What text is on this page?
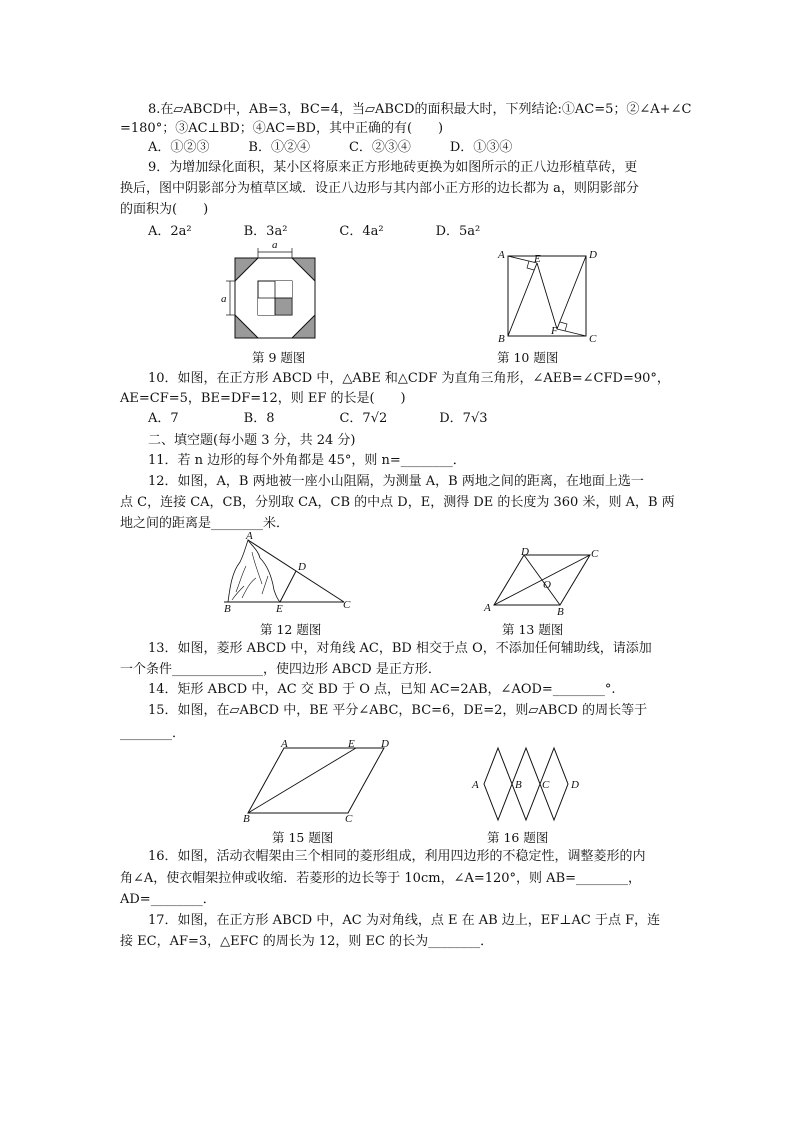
8.在▱ABCD中，AB=3，BC=4，当▱ABCD的面积最大时，下列结论:①AC=5；②∠A+∠C
=180°；③AC⊥BD；④AC=BD，其中正确的有(　　)
A．①②③　　　B．①②④　　　C．②③④　　　D．①③④
9．为增加绿化面积，某小区将原来正方形地砖更换为如图所示的正八边形植草砖，更
换后，图中阴影部分为植草区域．设正八边形与其内部小正方形的边长都为 a，则阴影部分
的面积为(　　)
A．2a²　　　　B．3a²　　　　C．4a²　　　　D．5a²
10．如图，在正方形 ABCD 中，△ABE 和△CDF 为直角三角形，∠AEB=∠CFD=90°，
AE=CF=5，BE=DF=12，则 EF 的长是(　　)
A．7　　　　　B．8　　　　　C．7√2　　　　D．7√3
二、填空题(每小题 3 分，共 24 分)
11．若 n 边形的每个外角都是 45°，则 n=________．
12．如图，A，B 两地被一座小山阻隔，为测量 A，B 两地之间的距离，在地面上选一
点 C，连接 CA，CB，分别取 CA，CB 的中点 D，E，测得 DE 的长度为 360 米，则 A，B 两
地之间的距离是________米．
13．如图，菱形 ABCD 中，对角线 AC，BD 相交于点 O，不添加任何辅助线，请添加
一个条件______________，使四边形 ABCD 是正方形．
14．矩形 ABCD 中，AC 交 BD 于 O 点，已知 AC=2AB，∠AOD=________°.
15．如图，在▱ABCD 中，BE 平分∠ABC，BC=6，DE=2，则▱ABCD 的周长等于
________．
16．如图，活动衣帽架由三个相同的菱形组成，利用四边形的不稳定性，调整菱形的内
角∠A，使衣帽架拉伸或收缩．若菱形的边长等于 10cm，∠A=120°，则 AB=________，
AD=________．
17．如图，在正方形 ABCD 中，AC 为对角线，点 E 在 AB 边上，EF⊥AC 于点 F，连
接 EC，AF=3，△EFC 的周长为 12，则 EC 的长为________．
a
a
第 9 题图
A	D
E
B
F
C
第 10 题图
A
D
B	E	C
第 12 题图
D	C
O
A	B
第 13 题图
A	E D
B	C
第 15 题图
A	B C D
第 16 题图
